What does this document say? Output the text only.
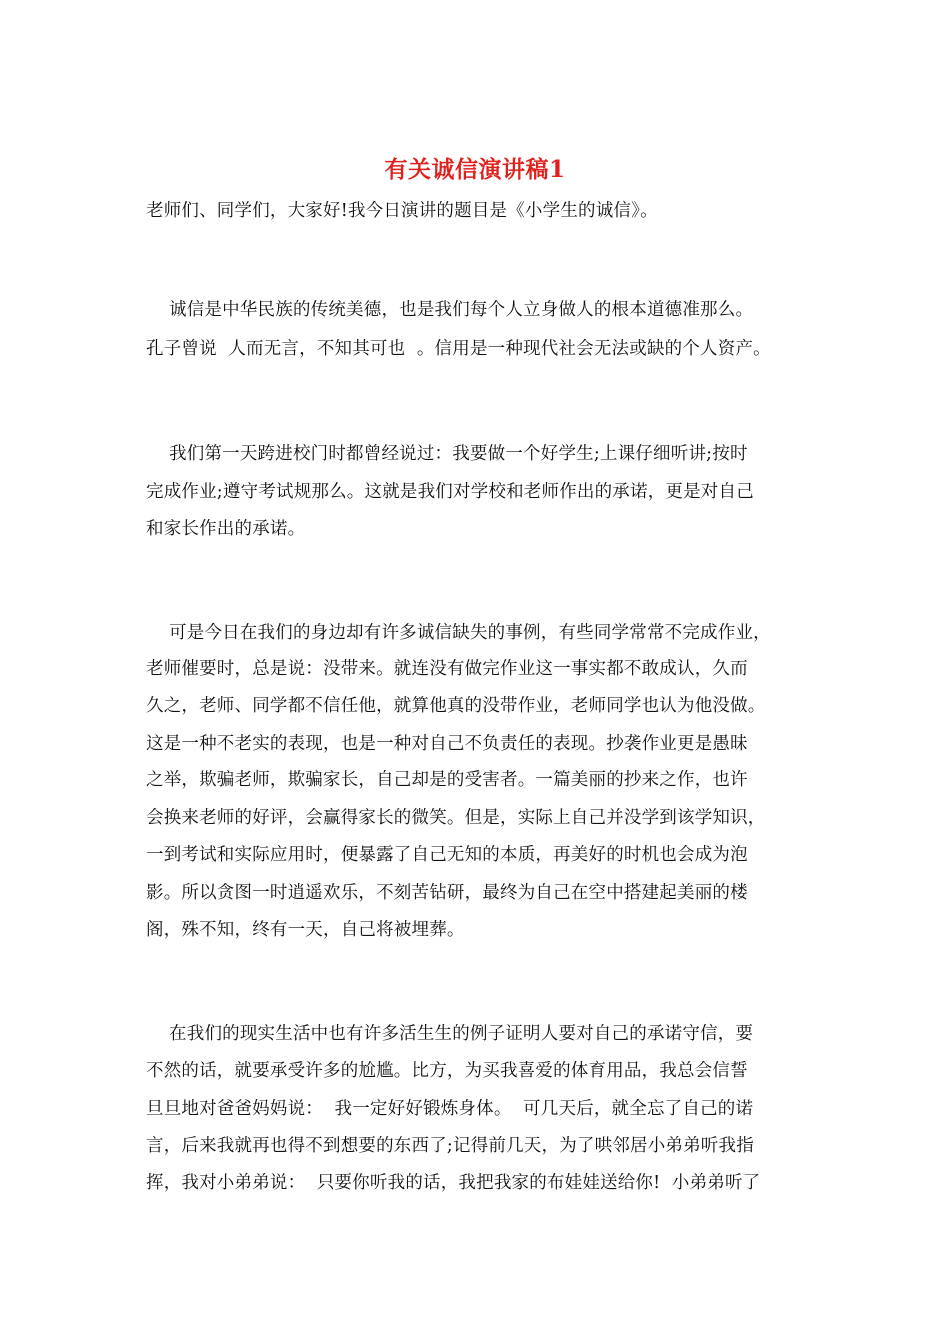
有关诚信演讲稿1
老师们、同学们，大家好!我今日演讲的题目是《小学生的诚信》。
诚信是中华民族的传统美德，也是我们每个人立身做人的根本道德准那么。
孔子曾说  人而无言，不知其可也  。信用是一种现代社会无法或缺的个人资产。
我们第一天跨进校门时都曾经说过：我要做一个好学生;上课仔细听讲;按时
完成作业;遵守考试规那么。这就是我们对学校和老师作出的承诺，更是对自己
和家长作出的承诺。
可是今日在我们的身边却有许多诚信缺失的事例，有些同学常常不完成作业，
老师催要时，总是说：没带来。就连没有做完作业这一事实都不敢成认，久而
久之，老师、同学都不信任他，就算他真的没带作业，老师同学也认为他没做。
这是一种不老实的表现，也是一种对自己不负责任的表现。抄袭作业更是愚昧
之举，欺骗老师，欺骗家长，自己却是的受害者。一篇美丽的抄来之作，也许
会换来老师的好评，会赢得家长的微笑。但是，实际上自己并没学到该学知识，
一到考试和实际应用时，便暴露了自己无知的本质，再美好的时机也会成为泡
影。所以贪图一时逍遥欢乐，不刻苦钻研，最终为自己在空中搭建起美丽的楼
阁，殊不知，终有一天，自己将被埋葬。
在我们的现实生活中也有许多活生生的例子证明人要对自己的承诺守信，要
不然的话，就要承受许多的尬尴。比方，为买我喜爱的体育用品，我总会信誓
旦旦地对爸爸妈妈说：  我一定好好锻炼身体。  可几天后，就全忘了自己的诺
言，后来我就再也得不到想要的东西了;记得前几天，为了哄邻居小弟弟听我指
挥，我对小弟弟说：  只要你听我的话，我把我家的布娃娃送给你!  小弟弟听了
